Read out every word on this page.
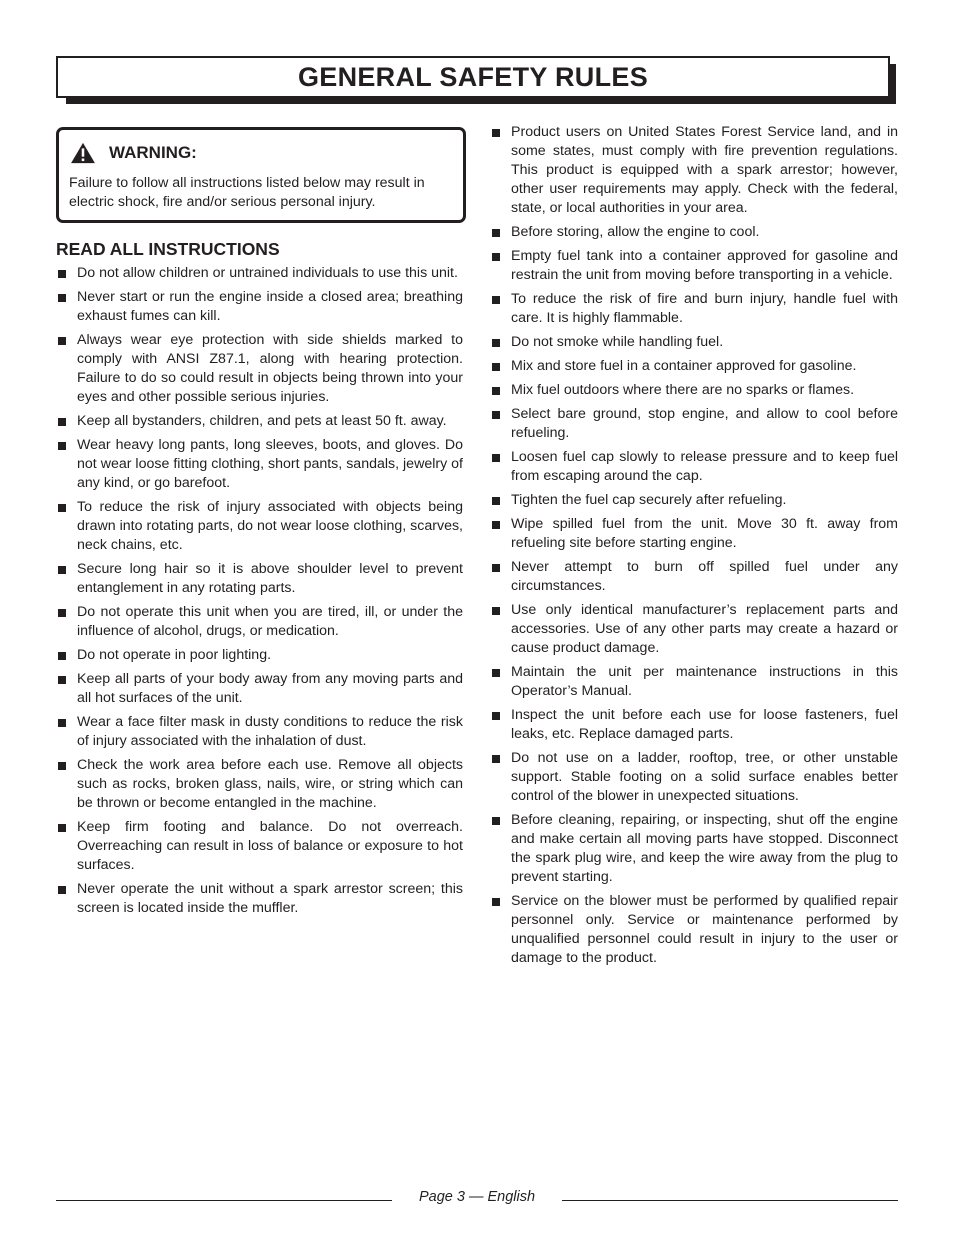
GENERAL SAFETY RULES
WARNING:
Failure to follow all instructions listed below may result in electric shock, fire and/or serious personal injury.
READ ALL INSTRUCTIONS
Do not allow children or untrained individuals to use this unit.
Never start or run the engine inside a closed area; breathing exhaust fumes can kill.
Always wear eye protection with side shields marked to comply with ANSI Z87.1, along with hearing protection. Failure to do so could result in objects being thrown into your eyes and other possible serious injuries.
Keep all bystanders, children, and pets at least 50 ft. away.
Wear heavy long pants, long sleeves, boots, and gloves. Do not wear loose fitting clothing, short pants, sandals, jewelry of any kind, or go barefoot.
To reduce the risk of injury associated with objects being drawn into rotating parts, do not wear loose clothing, scarves, neck chains, etc.
Secure long hair so it is above shoulder level to prevent entanglement in any rotating parts.
Do not operate this unit when you are tired, ill, or under the influence of alcohol, drugs, or medication.
Do not operate in poor lighting.
Keep all parts of your body away from any moving parts and all hot surfaces of the unit.
Wear a face filter mask in dusty conditions to reduce the risk of injury associated with the inhalation of dust.
Check the work area before each use. Remove all objects such as rocks, broken glass, nails, wire, or string which can be thrown or become entangled in the machine.
Keep firm footing and balance. Do not overreach. Overreaching can result in loss of balance or exposure to hot surfaces.
Never operate the unit without a spark arrestor screen; this screen is located inside the muffler.
Product users on United States Forest Service land, and in some states, must comply with fire prevention regulations. This product is equipped with a spark arrestor; however, other user requirements may apply. Check with the federal, state, or local authorities in your area.
Before storing, allow the engine to cool.
Empty fuel tank into a container approved for gasoline and restrain the unit from moving before transporting in a vehicle.
To reduce the risk of fire and burn injury, handle fuel with care. It is highly flammable.
Do not smoke while handling fuel.
Mix and store fuel in a container approved for gasoline.
Mix fuel outdoors where there are no sparks or flames.
Select bare ground, stop engine, and allow to cool before refueling.
Loosen fuel cap slowly to release pressure and to keep fuel from escaping around the cap.
Tighten the fuel cap securely after refueling.
Wipe spilled fuel from the unit. Move 30 ft. away from refueling site before starting engine.
Never attempt to burn off spilled fuel under any circumstances.
Use only identical manufacturer’s replacement parts and accessories. Use of any other parts may create a hazard or cause product damage.
Maintain the unit per maintenance instructions in this Operator’s Manual.
Inspect the unit before each use for loose fasteners, fuel leaks, etc. Replace damaged parts.
Do not use on a ladder, rooftop, tree, or other unstable support. Stable footing on a solid surface enables better control of the blower in unexpected situations.
Before cleaning, repairing, or inspecting, shut off the engine and make certain all moving parts have stopped. Disconnect the spark plug wire, and keep the wire away from the plug to prevent starting.
Service on the blower must be performed by qualified repair personnel only. Service or maintenance performed by unqualified personnel could result in injury to the user or damage to the product.
Page 3 — English
